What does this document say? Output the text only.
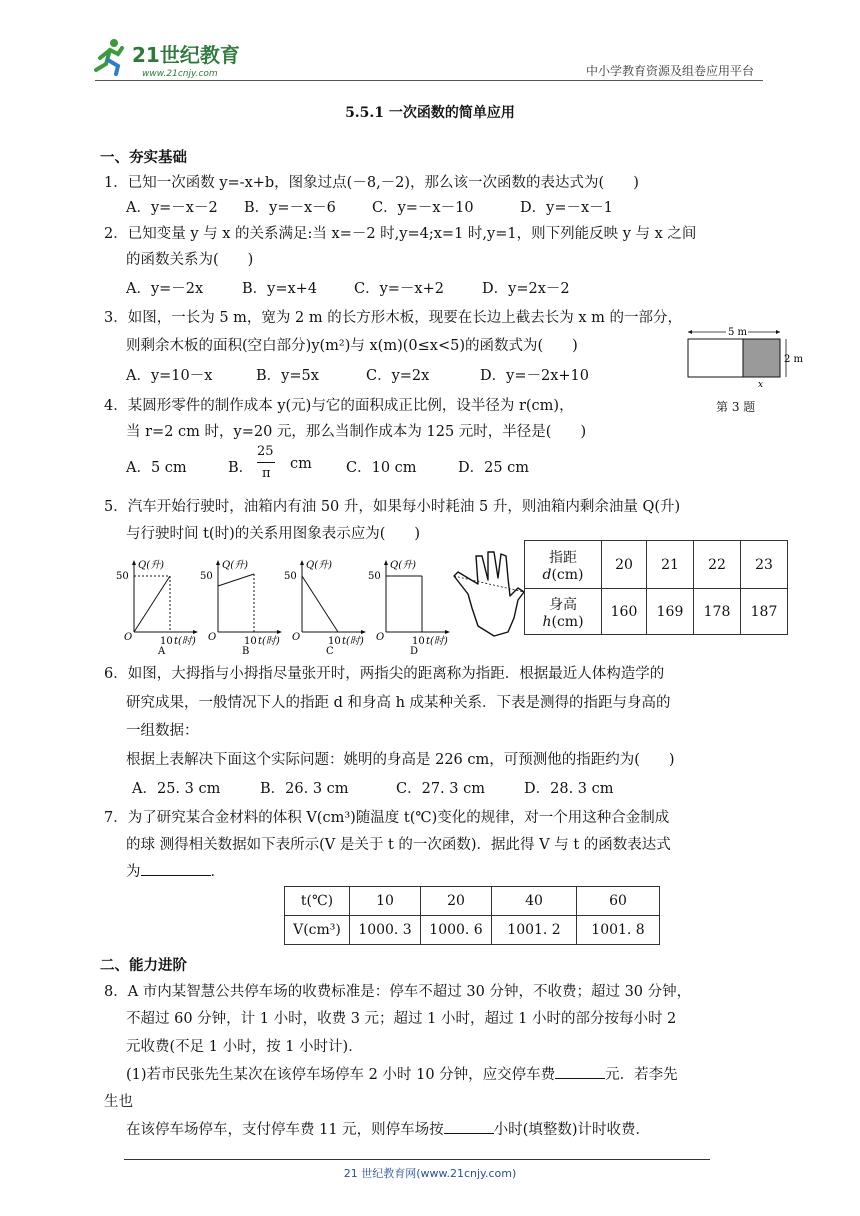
21世纪教育
www.21cnjy.com	中小学教育资源及组卷应用平台
5.5.1 一次函数的简单应用
一、夯实基础
1．已知一次函数 y=-x+b，图象过点(－8,－2)，那么该一次函数的表达式为(　　)
A．y=－x－2 B．y=－x－6 C．y=－x－10	D．y=－x－1
2．已知变量 y 与 x 的关系满足:当 x=－2 时,y=4;x=1 时,y=1，则下列能反映 y 与 x 之间
的函数关系为(　　)
A．y=－2x	B．y=x+4	C．y=－x+2	D．y=2x－2
3．如图，一长为 5 m，宽为 2 m 的长方形木板，现要在长边上截去长为 x m 的一部分，
则剩余木板的面积(空白部分)y(m²)与 x(m)(0≤x<5)的函数式为(　　)
A．y=10－x	B．y=5x	C．y=2x	D．y=－2x+10
5 m
2 m
x
第 3 题
4．某圆形零件的制作成本 y(元)与它的面积成正比例，设半径为 r(cm)，
当 r=2 cm 时，y=20 元，那么当制作成本为 125 元时，半径是(　　)
A．5 cm	B．
25
π
cm C．10 cm	D．25 cm
5．汽车开始行驶时，油箱内有油 50 升，如果每小时耗油 5 升，则油箱内剩余油量 Q(升)
与行驶时间 t(时)的关系用图象表示应为(　　)
50
Q(升)
O	10 t(时)
A
50
Q(升)
O	10 t(时)
B
50
Q(升)
O	10 t(时)
C
50
Q(升)
O	10 t(时)
D
指距
d(cm)	20	21	22	23

身高
h(cm)	160	169	178	187
6．如图，大拇指与小拇指尽量张开时，两指尖的距离称为指距．根据最近人体构造学的
研究成果，一般情况下人的指距 d 和身高 h 成某种关系．下表是测得的指距与身高的
一组数据：
根据上表解决下面这个实际问题：姚明的身高是 226 cm，可预测他的指距约为(　　)
A．25. 3 cm	B．26. 3 cm	C．27. 3 cm	D．28. 3 cm
7．为了研究某合金材料的体积 V(cm³)随温度 t(℃)变化的规律，对一个用这种合金制成
的球 测得相关数据如下表所示(V 是关于 t 的一次函数)．据此得 V 与 t 的函数表达式
为	．
t(℃)	10	20	40	60
V(cm³)	1000. 3	1000. 6	1001. 2	1001. 8
二、能力进阶
8．A 市内某智慧公共停车场的收费标准是：停车不超过 30 分钟，不收费；超过 30 分钟，
不超过 60 分钟，计 1 小时，收费 3 元；超过 1 小时，超过 1 小时的部分按每小时 2
元收费(不足 1 小时，按 1 小时计)．
(1)若市民张先生某次在该停车场停车 2 小时 10 分钟，应交停车费	元．若李先
生也
在该停车场停车，支付停车费 11 元，则停车场按	小时(填整数)计时收费．
21 世纪教育网(www.21cnjy.com)
